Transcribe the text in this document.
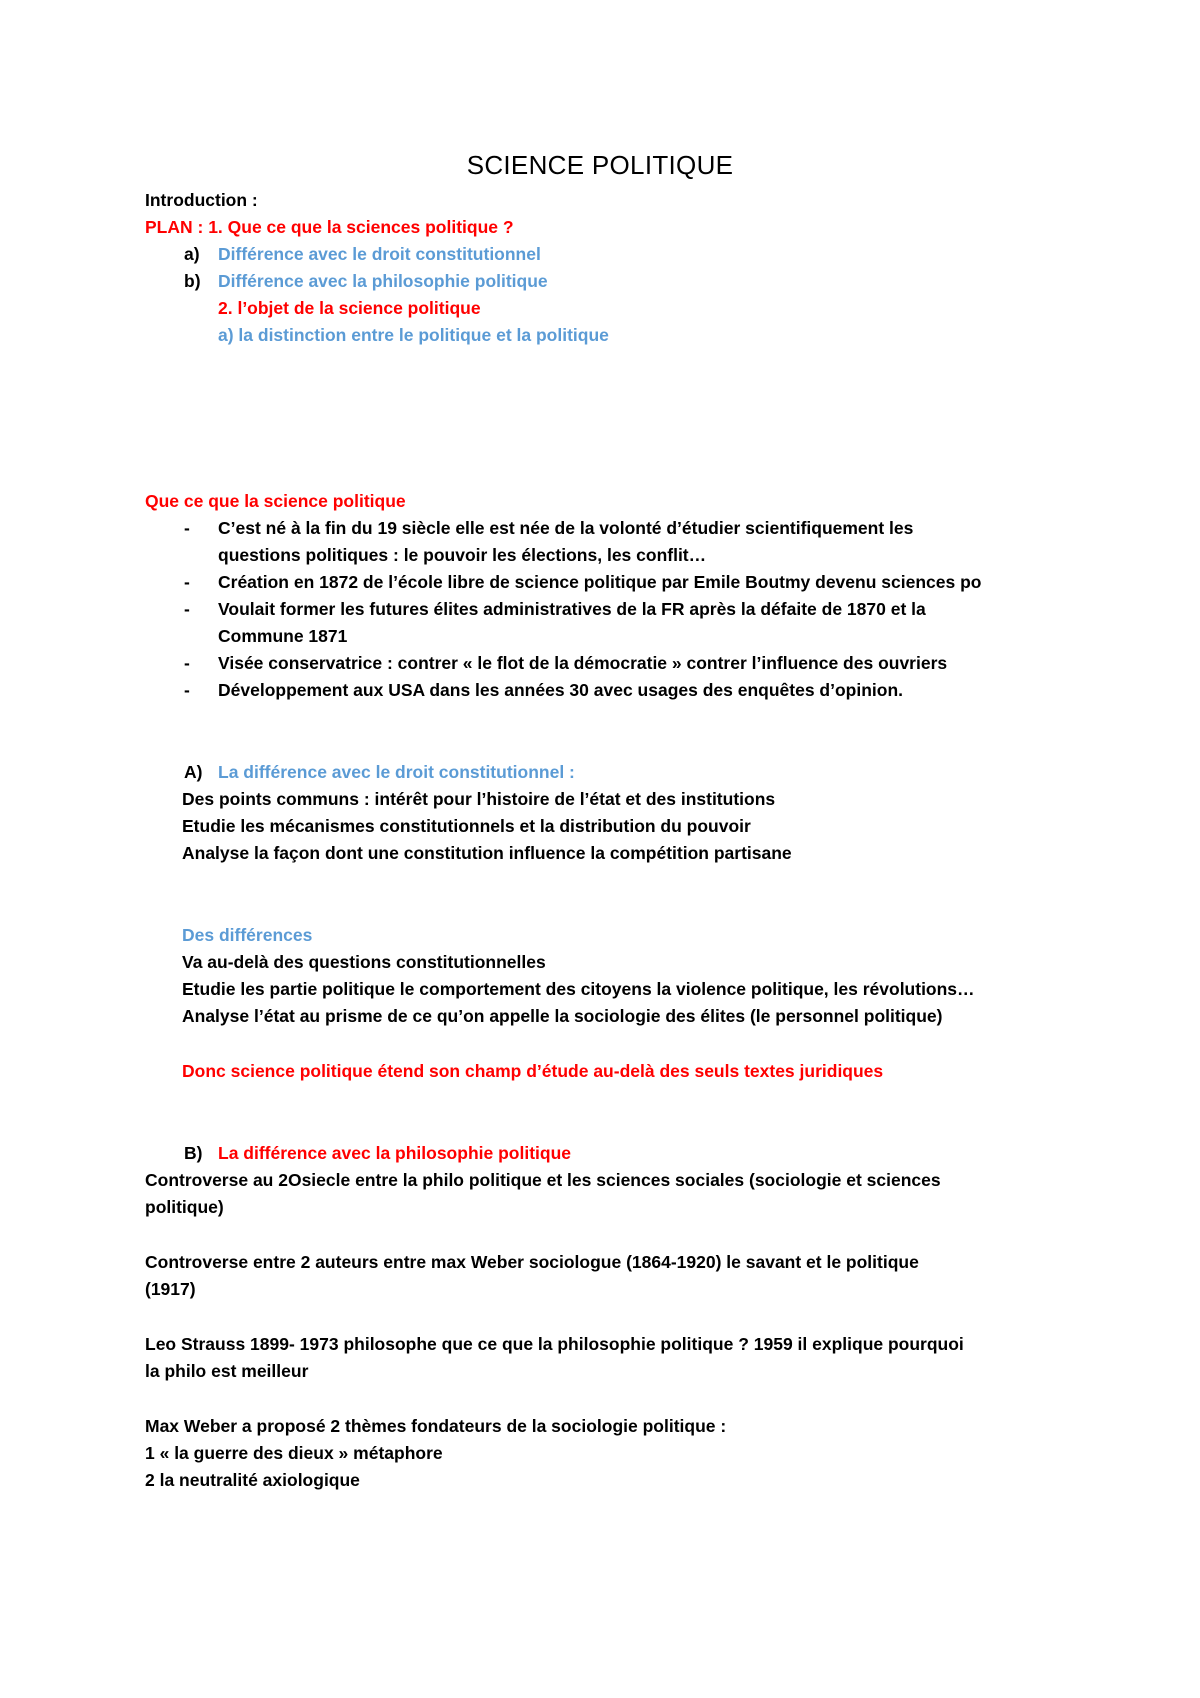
SCIENCE POLITIQUE
Introduction :
PLAN : 1. Que ce que la sciences politique ?
a) Différence avec le droit constitutionnel
b) Différence avec la philosophie politique
2. l’objet de la science politique
a) la distinction entre le politique et la politique
Que ce que la science politique
- C’est né à la fin du 19 siècle elle est née de la volonté d’étudier scientifiquement les
questions politiques : le pouvoir les élections, les conflit…
- Création en 1872 de l’école libre de science politique par Emile Boutmy devenu sciences po
- Voulait former les futures élites administratives de la FR après la défaite de 1870 et la
Commune 1871
- Visée conservatrice : contrer « le flot de la démocratie » contrer l’influence des ouvriers
- Développement aux USA dans les années 30 avec usages des enquêtes d’opinion.
A) La différence avec le droit constitutionnel :
Des points communs : intérêt pour l’histoire de l’état et des institutions
Etudie les mécanismes constitutionnels et la distribution du pouvoir
Analyse la façon dont une constitution influence la compétition partisane
Des différences
Va au-delà des questions constitutionnelles
Etudie les partie politique le comportement des citoyens la violence politique, les révolutions…
Analyse l’état au prisme de ce qu’on appelle la sociologie des élites (le personnel politique)
Donc science politique étend son champ d’étude au-delà des seuls textes juridiques
B) La différence avec la philosophie politique
Controverse au 2Osiecle entre la philo politique et les sciences sociales (sociologie et sciences
politique)
Controverse entre 2 auteurs entre max Weber sociologue (1864-1920) le savant et le politique
(1917)
Leo Strauss 1899- 1973 philosophe que ce que la philosophie politique ? 1959 il explique pourquoi
la philo est meilleur
Max Weber a proposé 2 thèmes fondateurs de la sociologie politique :
1 « la guerre des dieux » métaphore
2 la neutralité axiologique
